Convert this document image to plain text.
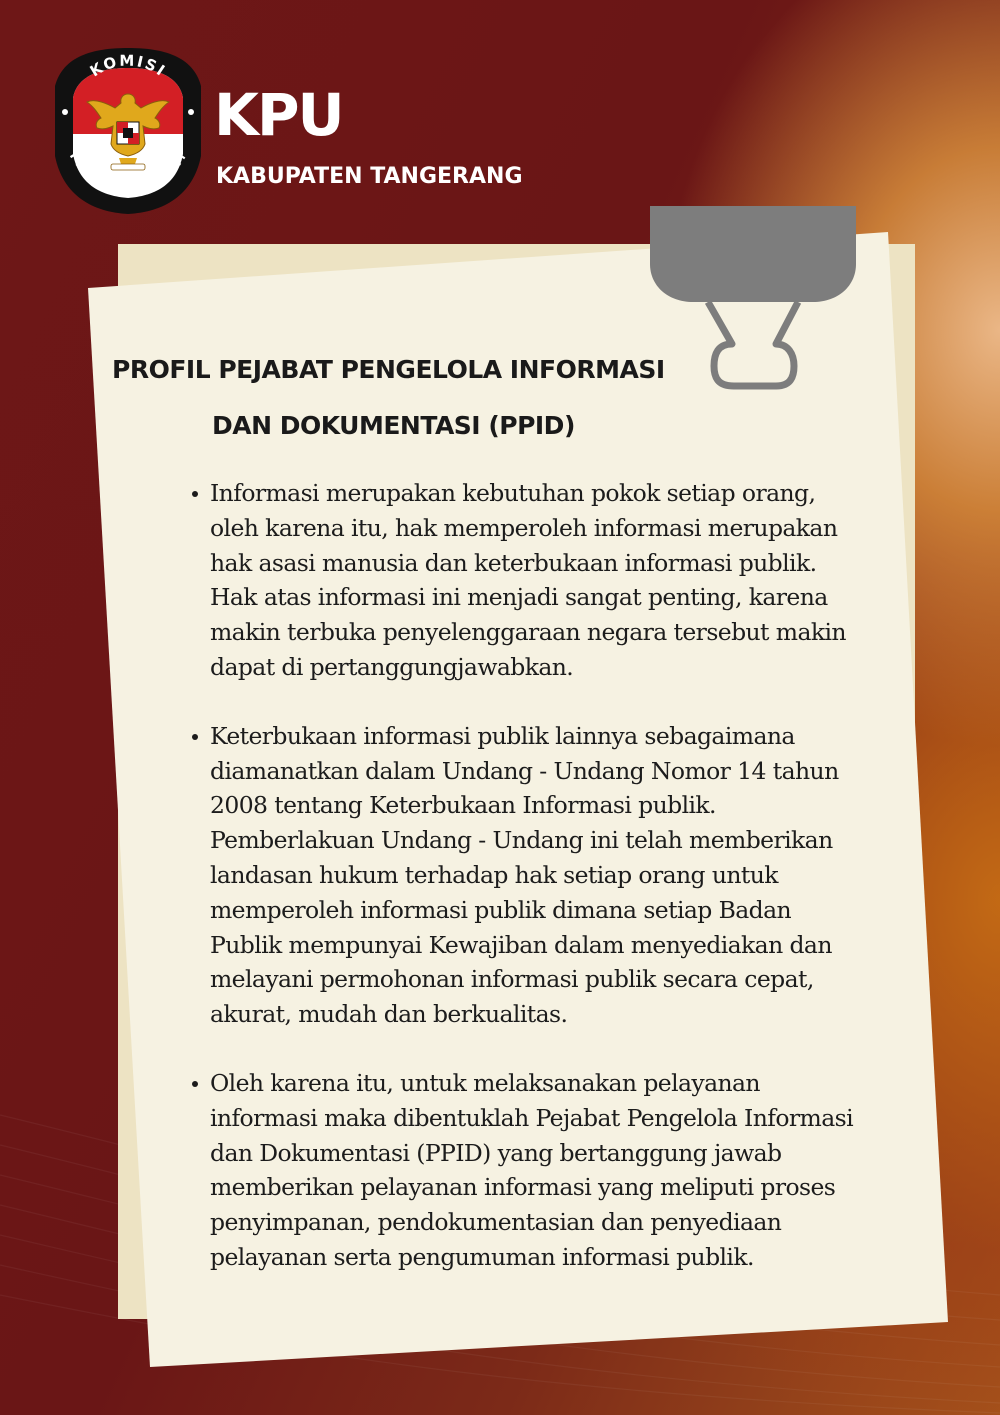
KOMISI
PEMILIHAN UMUM
KPU
KABUPATEN TANGERANG
PROFIL PEJABAT PENGELOLA INFORMASI
DAN DOKUMENTASI (PPID)
Informasi merupakan kebutuhan pokok setiap orang, oleh karena itu, hak memperoleh informasi merupakan hak asasi manusia dan keterbukaan informasi publik. Hak atas informasi ini menjadi sangat penting, karena makin terbuka penyelenggaraan negara tersebut makin dapat di pertanggungjawabkan.
Keterbukaan informasi publik lainnya sebagaimana diamanatkan dalam Undang - Undang Nomor 14 tahun 2008 tentang Keterbukaan Informasi publik. Pemberlakuan Undang - Undang ini telah memberikan landasan hukum terhadap hak setiap orang untuk memperoleh informasi publik dimana setiap Badan Publik mempunyai Kewajiban dalam menyediakan dan melayani permohonan informasi publik secara cepat, akurat, mudah dan berkualitas.
Oleh karena itu, untuk melaksanakan pelayanan informasi maka dibentuklah Pejabat Pengelola Informasi dan Dokumentasi (PPID) yang bertanggung jawab memberikan pelayanan informasi yang meliputi proses penyimpanan, pendokumentasian dan penyediaan pelayanan serta pengumuman informasi publik.
